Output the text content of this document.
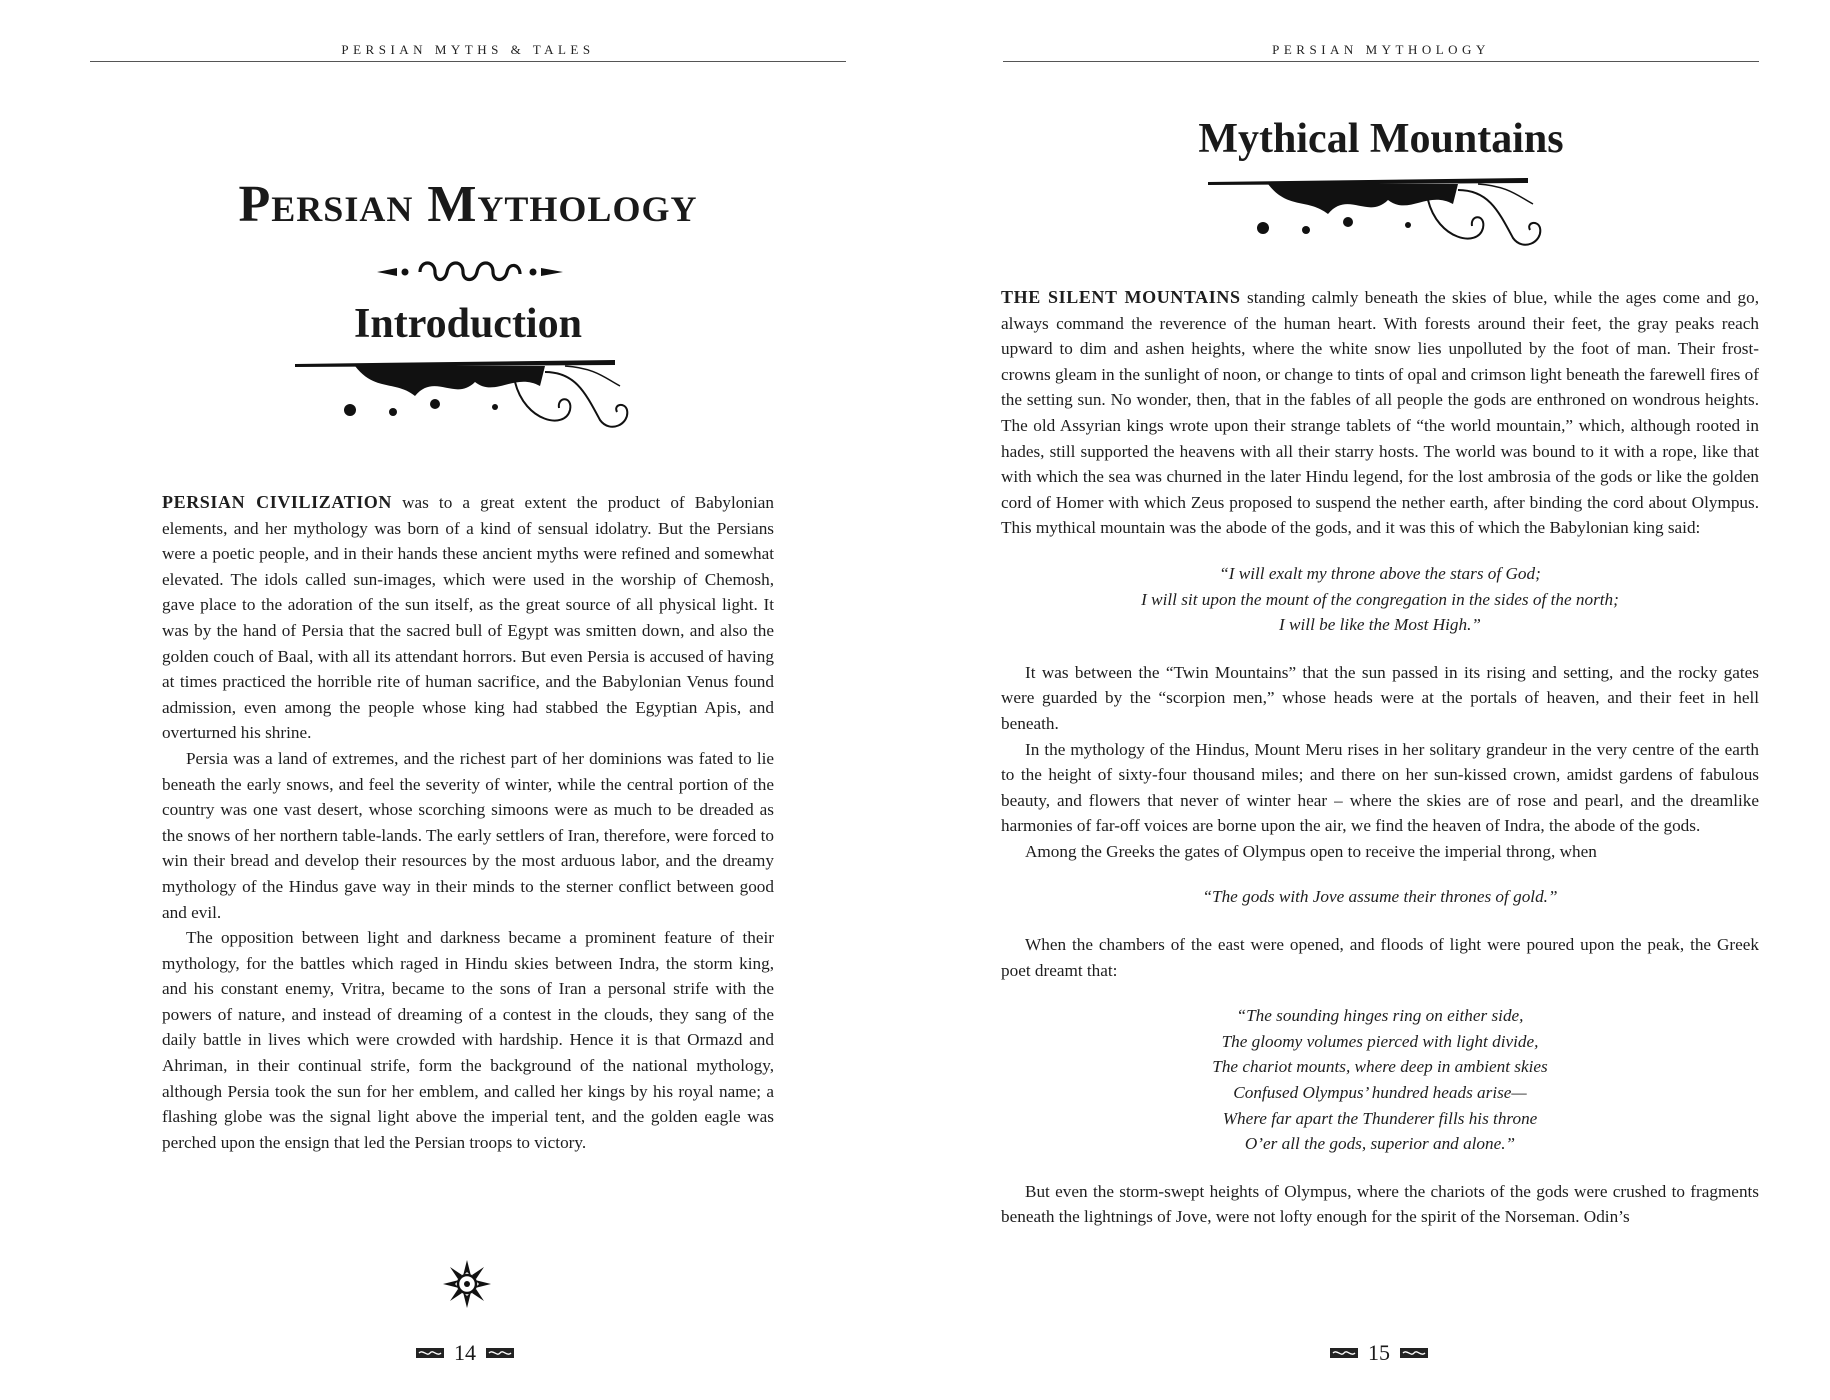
PERSIAN MYTHS & TALES
Persian Mythology
Introduction

PERSIAN CIVILIZATION was to a great extent the product of Babylonian elements, and her mythology was born of a kind of sensual idolatry. But the Persians were a poetic people, and in their hands these ancient myths were refined and somewhat elevated. The idols called sun-images, which were used in the worship of Chemosh, gave place to the adoration of the sun itself, as the great source of all physical light. It was by the hand of Persia that the sacred bull of Egypt was smitten down, and also the golden couch of Baal, with all its attendant horrors. But even Persia is accused of having at times practiced the horrible rite of human sacrifice, and the Babylonian Venus found admission, even among the people whose king had stabbed the Egyptian Apis, and overturned his shrine.

Persia was a land of extremes, and the richest part of her dominions was fated to lie beneath the early snows, and feel the severity of winter, while the central portion of the country was one vast desert, whose scorching simoons were as much to be dreaded as the snows of her northern table-lands. The early settlers of Iran, therefore, were forced to win their bread and develop their resources by the most arduous labor, and the dreamy mythology of the Hindus gave way in their minds to the sterner conflict between good and evil.

The opposition between light and darkness became a prominent feature of their mythology, for the battles which raged in Hindu skies between Indra, the storm king, and his constant enemy, Vritra, became to the sons of Iran a personal strife with the powers of nature, and instead of dreaming of a contest in the clouds, they sang of the daily battle in lives which were crowded with hardship. Hence it is that Ormazd and Ahriman, in their continual strife, form the background of the national mythology, although Persia took the sun for her emblem, and called her kings by his royal name; a flashing globe was the signal light above the imperial tent, and the golden eagle was perched upon the ensign that led the Persian troops to victory.

14
PERSIAN MYTHOLOGY
Mythical Mountains

THE SILENT MOUNTAINS standing calmly beneath the skies of blue, while the ages come and go, always command the reverence of the human heart. With forests around their feet, the gray peaks reach upward to dim and ashen heights, where the white snow lies unpolluted by the foot of man. Their frost-crowns gleam in the sunlight of noon, or change to tints of opal and crimson light beneath the farewell fires of the setting sun. No wonder, then, that in the fables of all people the gods are enthroned on wondrous heights. The old Assyrian kings wrote upon their strange tablets of “the world mountain,” which, although rooted in hades, still supported the heavens with all their starry hosts. The world was bound to it with a rope, like that with which the sea was churned in the later Hindu legend, for the lost ambrosia of the gods or like the golden cord of Homer with which Zeus proposed to suspend the nether earth, after binding the cord about Olympus. This mythical mountain was the abode of the gods, and it was this of which the Babylonian king said:

“I will exalt my throne above the stars of God;
I will sit upon the mount of the congregation in the sides of the north;
I will be like the Most High.”

It was between the “Twin Mountains” that the sun passed in its rising and setting, and the rocky gates were guarded by the “scorpion men,” whose heads were at the portals of heaven, and their feet in hell beneath.

In the mythology of the Hindus, Mount Meru rises in her solitary grandeur in the very centre of the earth to the height of sixty-four thousand miles; and there on her sun-kissed crown, amidst gardens of fabulous beauty, and flowers that never of winter hear – where the skies are of rose and pearl, and the dreamlike harmonies of far-off voices are borne upon the air, we find the heaven of Indra, the abode of the gods.

Among the Greeks the gates of Olympus open to receive the imperial throng, when

“The gods with Jove assume their thrones of gold.”

When the chambers of the east were opened, and floods of light were poured upon the peak, the Greek poet dreamt that:

“The sounding hinges ring on either side,
The gloomy volumes pierced with light divide,
The chariot mounts, where deep in ambient skies
Confused Olympus’ hundred heads arise—
Where far apart the Thunderer fills his throne
O’er all the gods, superior and alone.”

But even the storm-swept heights of Olympus, where the chariots of the gods were crushed to fragments beneath the lightnings of Jove, were not lofty enough for the spirit of the Norseman. Odin’s

15
